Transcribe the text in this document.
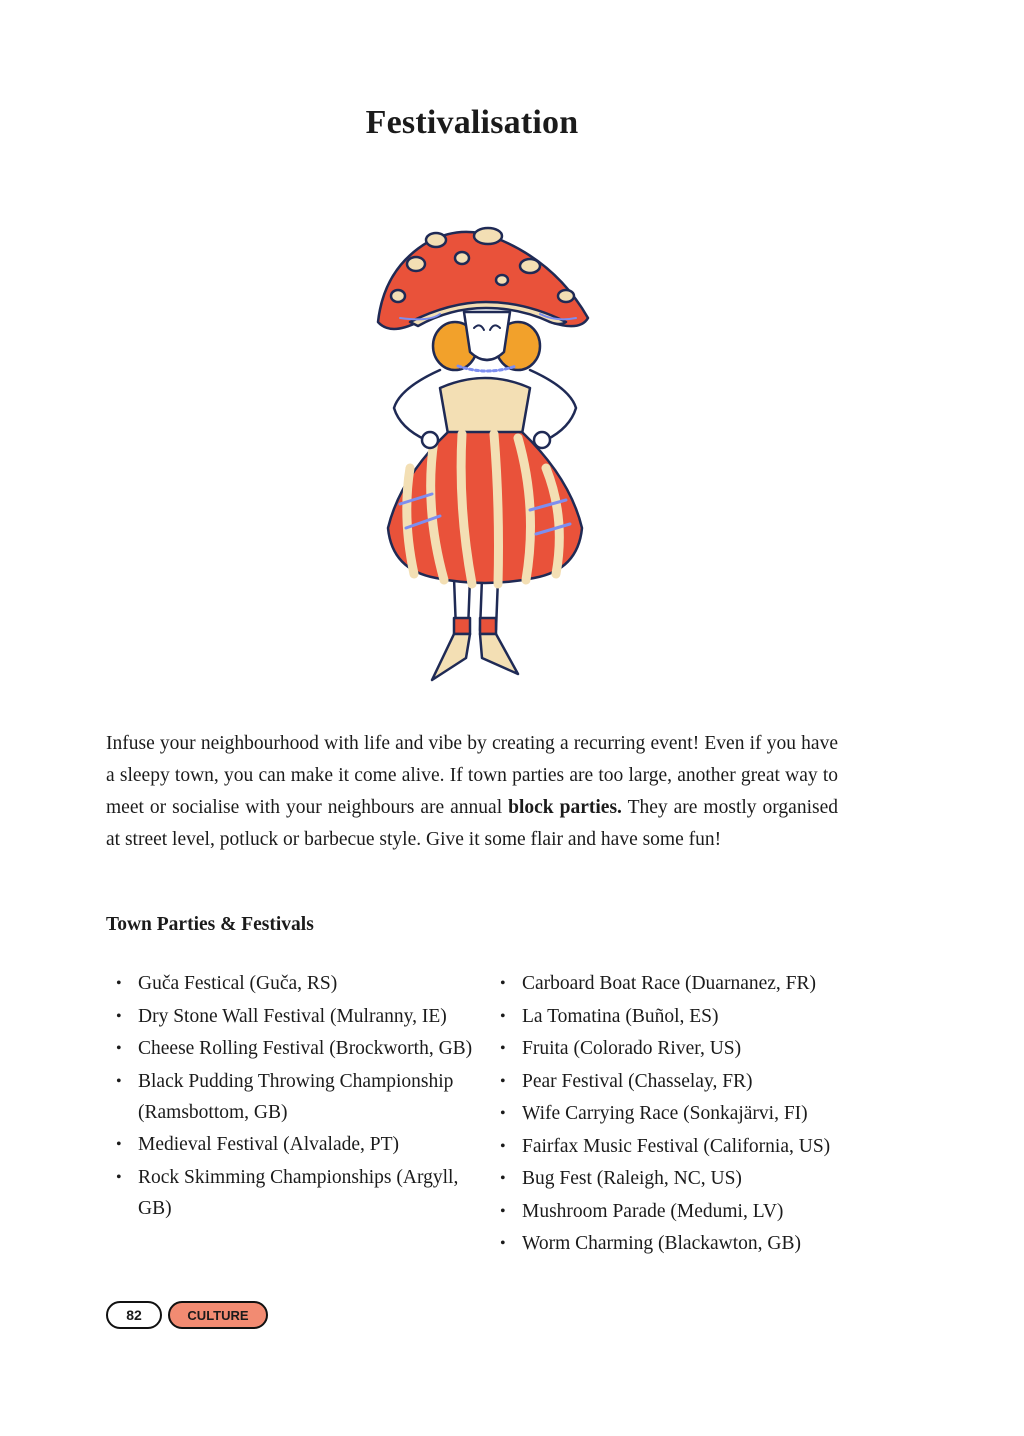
Festivalisation

Infuse your neighbourhood with life and vibe by creating a recurring event! Even if you have a sleepy town, you can make it come alive. If town parties are too large, another great way to meet or socialise with your neighbours are annual block parties. They are mostly organised at street level, potluck or barbecue style. Give it some flair and have some fun!

Town Parties & Festivals
• Guča Festical (Guča, RS)
• Dry Stone Wall Festival (Mulranny, IE)
• Cheese Rolling Festival (Brockworth, GB)
• Black Pudding Throwing Championship (Ramsbottom, GB)
• Medieval Festival (Alvalade, PT)
• Rock Skimming Championships (Argyll, GB)
• Carboard Boat Race (Duarnanez, FR)
• La Tomatina (Buñol, ES)
• Fruita (Colorado River, US)
• Pear Festival (Chasselay, FR)
• Wife Carrying Race (Sonkajärvi, FI)
• Fairfax Music Festival (California, US)
• Bug Fest (Raleigh, NC, US)
• Mushroom Parade (Medumi, LV)
• Worm Charming (Blackawton, GB)
82	CULTURE
